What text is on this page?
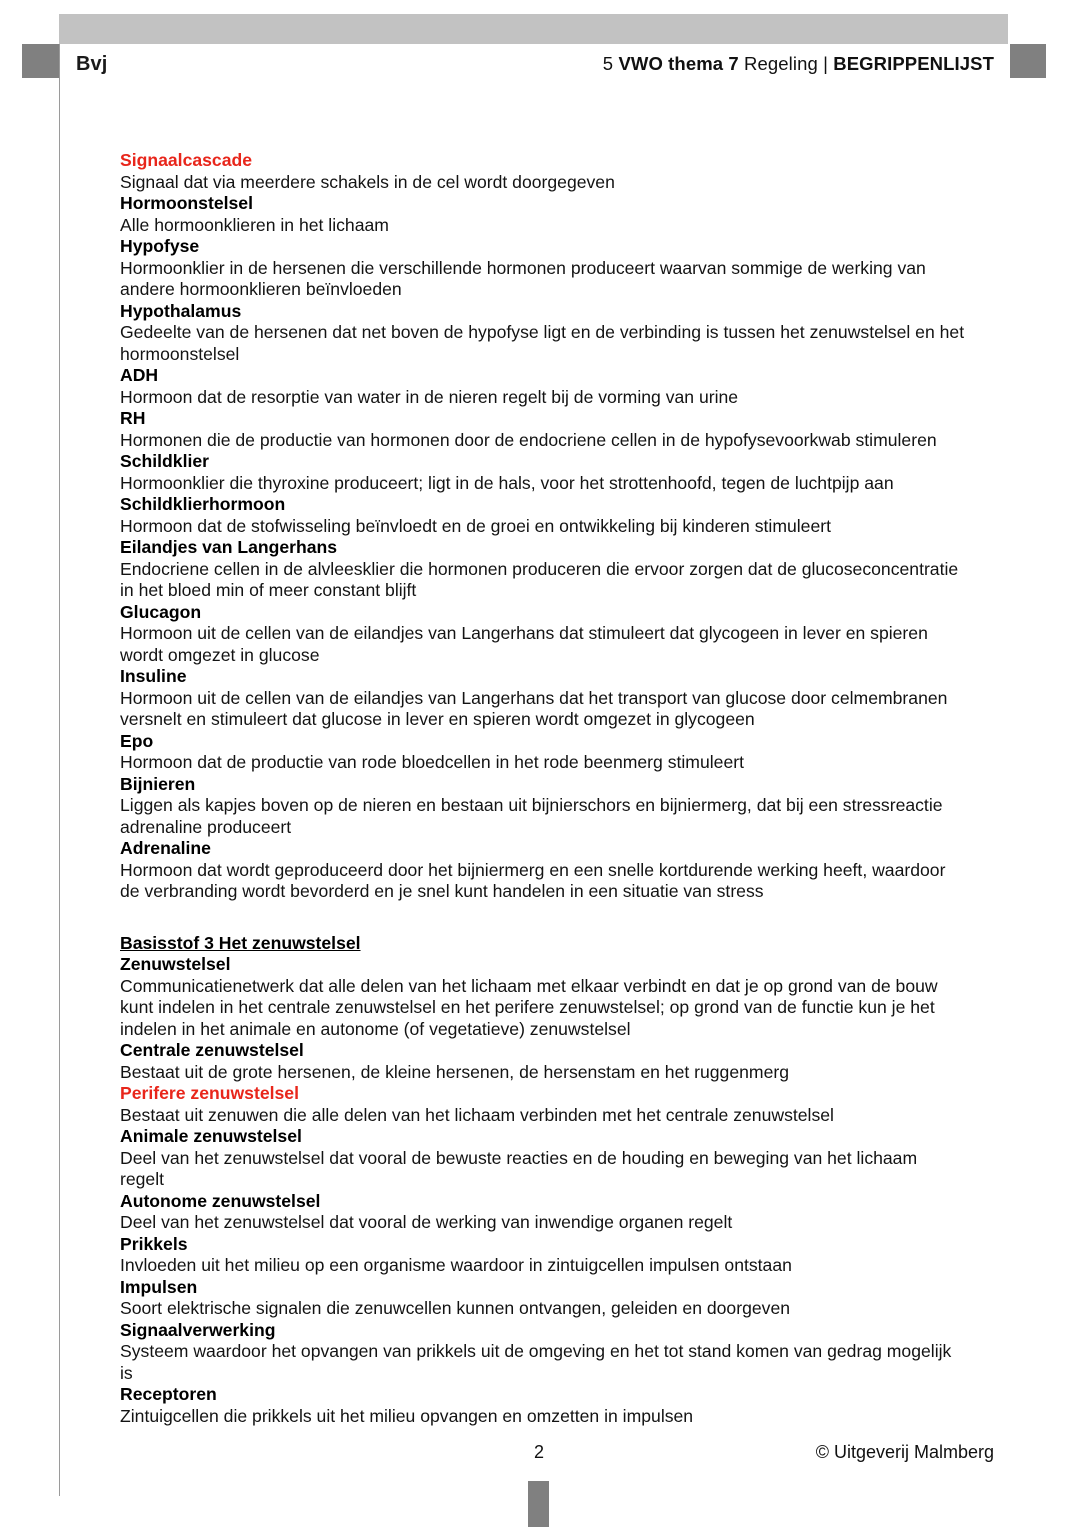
Bvj	5 VWO thema 7 Regeling | BEGRIPPENLIJST
Signaalcascade
Signaal dat via meerdere schakels in de cel wordt doorgegeven
Hormoonstelsel
Alle hormoonklieren in het lichaam
Hypofyse
Hormoonklier in de hersenen die verschillende hormonen produceert waarvan sommige de werking van andere hormoonklieren beïnvloeden
Hypothalamus
Gedeelte van de hersenen dat net boven de hypofyse ligt en de verbinding is tussen het zenuwstelsel en het hormoonstelsel
ADH
Hormoon dat de resorptie van water in de nieren regelt bij de vorming van urine
RH
Hormonen die de productie van hormonen door de endocriene cellen in de hypofysevoorkwab stimuleren
Schildklier
Hormoonklier die thyroxine produceert; ligt in de hals, voor het strottenhoofd, tegen de luchtpijp aan
Schildklierhormoon
Hormoon dat de stofwisseling beïnvloedt en de groei en ontwikkeling bij kinderen stimuleert
Eilandjes van Langerhans
Endocriene cellen in de alvleesklier die hormonen produceren die ervoor zorgen dat de glucoseconcentratie in het bloed min of meer constant blijft
Glucagon
Hormoon uit de cellen van de eilandjes van Langerhans dat stimuleert dat glycogeen in lever en spieren wordt omgezet in glucose
Insuline
Hormoon uit de cellen van de eilandjes van Langerhans dat het transport van glucose door celmembranen versnelt en stimuleert dat glucose in lever en spieren wordt omgezet in glycogeen
Epo
Hormoon dat de productie van rode bloedcellen in het rode beenmerg stimuleert
Bijnieren
Liggen als kapjes boven op de nieren en bestaan uit bijnierschors en bijniermerg, dat bij een stressreactie adrenaline produceert
Adrenaline
Hormoon dat wordt geproduceerd door het bijniermerg en een snelle kortdurende werking heeft, waardoor de verbranding wordt bevorderd en je snel kunt handelen in een situatie van stress
Basisstof 3 Het zenuwstelsel
Zenuwstelsel
Communicatienetwerk dat alle delen van het lichaam met elkaar verbindt en dat je op grond van de bouw kunt indelen in het centrale zenuwstelsel en het perifere zenuwstelsel; op grond van de functie kun je het indelen in het animale en autonome (of vegetatieve) zenuwstelsel
Centrale zenuwstelsel
Bestaat uit de grote hersenen, de kleine hersenen, de hersenstam en het ruggenmerg
Perifere zenuwstelsel
Bestaat uit zenuwen die alle delen van het lichaam verbinden met het centrale zenuwstelsel
Animale zenuwstelsel
Deel van het zenuwstelsel dat vooral de bewuste reacties en de houding en beweging van het lichaam regelt
Autonome zenuwstelsel
Deel van het zenuwstelsel dat vooral de werking van inwendige organen regelt
Prikkels
Invloeden uit het milieu op een organisme waardoor in zintuigcellen impulsen ontstaan
Impulsen
Soort elektrische signalen die zenuwcellen kunnen ontvangen, geleiden en doorgeven
Signaalverwerking
Systeem waardoor het opvangen van prikkels uit de omgeving en het tot stand komen van gedrag mogelijk is
Receptoren
Zintuigcellen die prikkels uit het milieu opvangen en omzetten in impulsen
2	© Uitgeverij Malmberg
